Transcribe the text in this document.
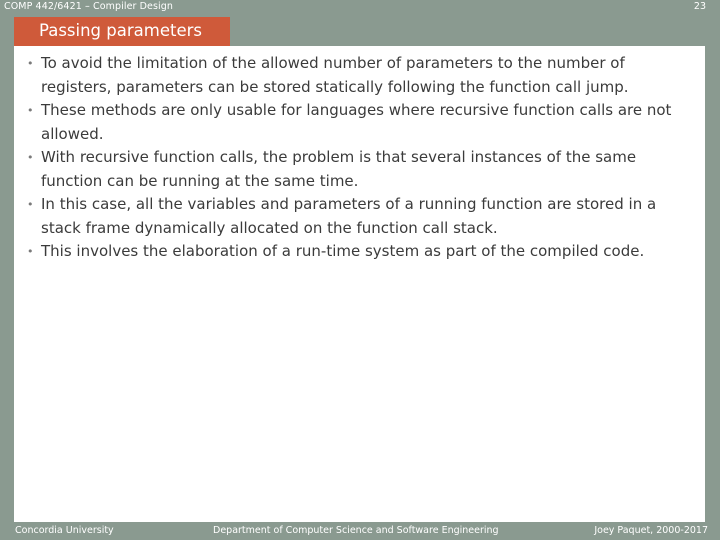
COMP 442/6421 – Compiler Design	23
Passing parameters
• To avoid the limitation of the allowed number of parameters to the number of registers, parameters can be stored statically following the function call jump.
• These methods are only usable for languages where recursive function calls are not allowed.
• With recursive function calls, the problem is that several instances of the same function can be running at the same time.
• In this case, all the variables and parameters of a running function are stored in a stack frame dynamically allocated on the function call stack.
• This involves the elaboration of a run-time system as part of the compiled code.
Concordia University	Department of Computer Science and Software Engineering	Joey Paquet, 2000-2017
